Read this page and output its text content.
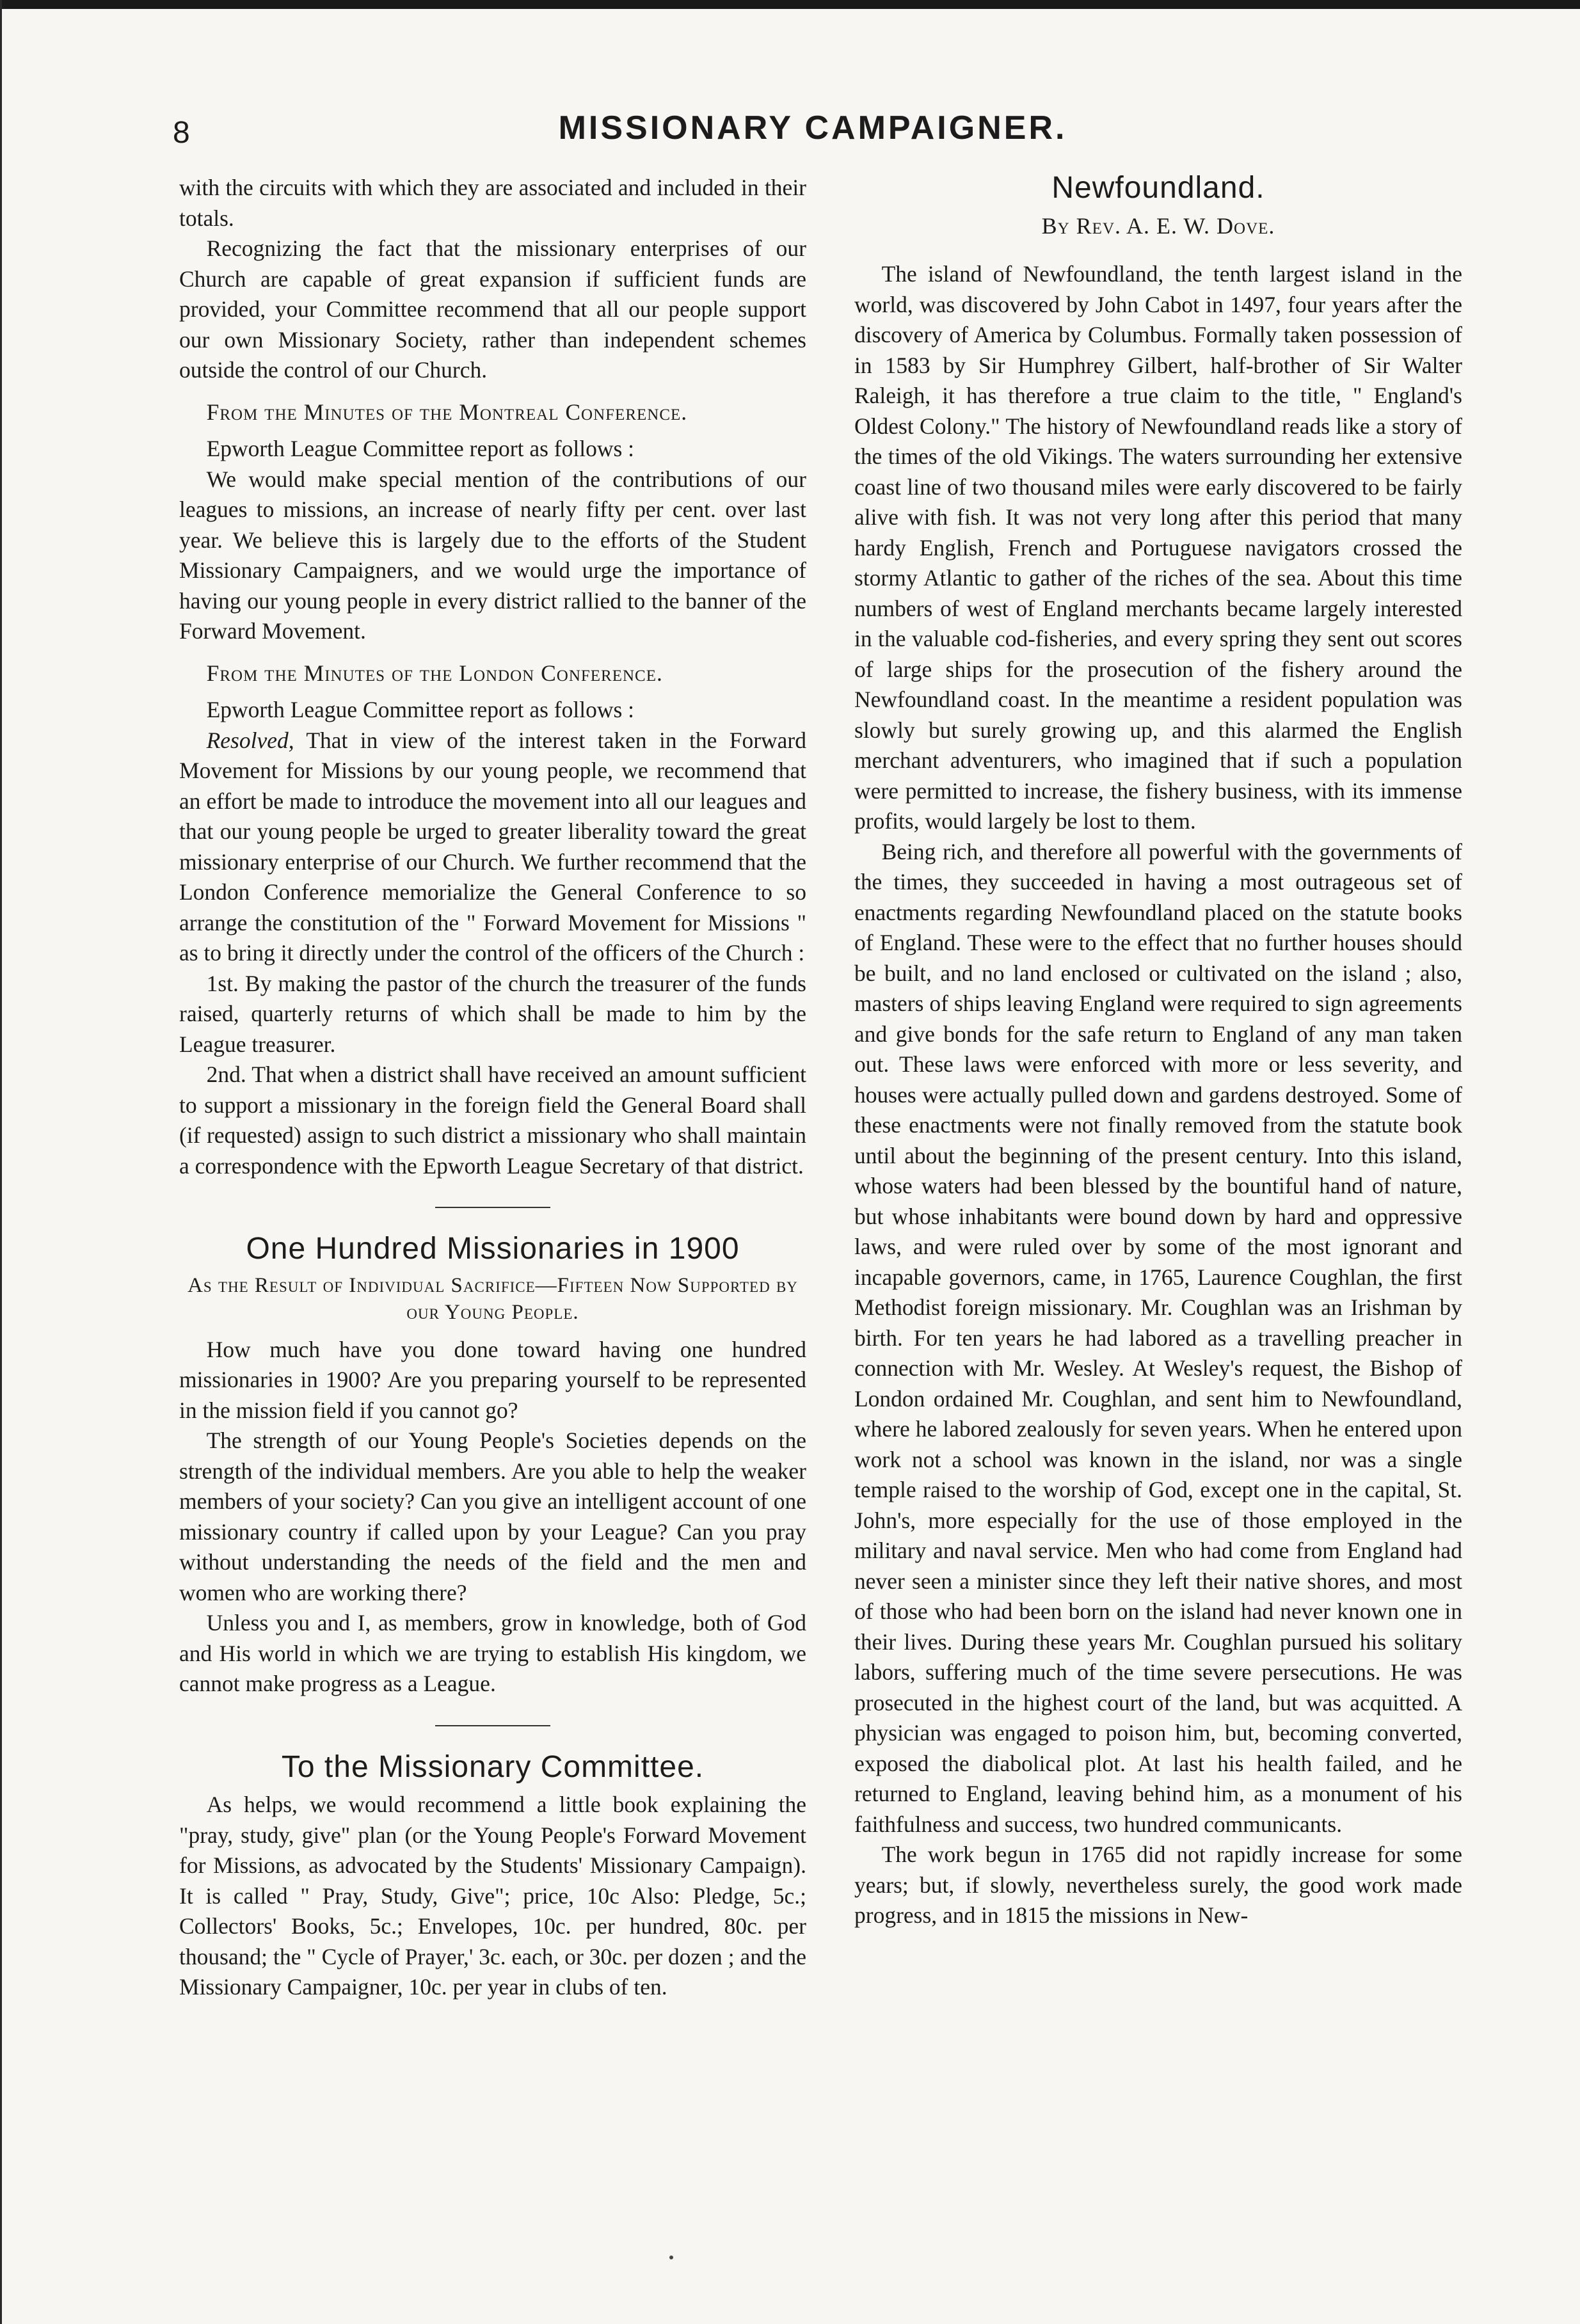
8	MISSIONARY CAMPAIGNER.

with the circuits with which they are associated and included in their totals.

Recognizing the fact that the missionary enterprises of our Church are capable of great expansion if sufficient funds are provided, your Committee recommend that all our people support our own Missionary Society, rather than independent schemes outside the control of our Church.

From the Minutes of the Montreal Conference.

Epworth League Committee report as follows :

We would make special mention of the contributions of our leagues to missions, an increase of nearly fifty per cent. over last year. We believe this is largely due to the efforts of the Student Missionary Campaigners, and we would urge the importance of having our young people in every district rallied to the banner of the Forward Movement.

From the Minutes of the London Conference.

Epworth League Committee report as follows :

Resolved, That in view of the interest taken in the Forward Movement for Missions by our young people, we recommend that an effort be made to introduce the movement into all our leagues and that our young people be urged to greater liberality toward the great missionary enterprise of our Church. We further recommend that the London Conference memorialize the General Conference to so arrange the constitution of the " Forward Movement for Missions " as to bring it directly under the control of the officers of the Church :

1st. By making the pastor of the church the treasurer of the funds raised, quarterly returns of which shall be made to him by the League treasurer.

2nd. That when a district shall have received an amount sufficient to support a missionary in the foreign field the General Board shall (if requested) assign to such district a missionary who shall maintain a correspondence with the Epworth League Secretary of that district.

One Hundred Missionaries in 1900
As the Result of Individual Sacrifice—Fifteen Now Supported by our Young People.

How much have you done toward having one hundred missionaries in 1900? Are you preparing yourself to be represented in the mission field if you cannot go?

The strength of our Young People's Societies depends on the strength of the individual members. Are you able to help the weaker members of your society? Can you give an intelligent account of one missionary country if called upon by your League? Can you pray without understanding the needs of the field and the men and women who are working there?

Unless you and I, as members, grow in knowledge, both of God and His world in which we are trying to establish His kingdom, we cannot make progress as a League.

To the Missionary Committee.

As helps, we would recommend a little book explaining the "pray, study, give" plan (or the Young People's Forward Movement for Missions, as advocated by the Students' Missionary Campaign). It is called " Pray, Study, Give"; price, 10c Also: Pledge, 5c.; Collectors' Books, 5c.; Envelopes, 10c. per hundred, 80c. per thousand; the " Cycle of Prayer,' 3c. each, or 30c. per dozen ; and the Missionary Campaigner, 10c. per year in clubs of ten.

Newfoundland.
By Rev. A. E. W. Dove.

The island of Newfoundland, the tenth largest island in the world, was discovered by John Cabot in 1497, four years after the discovery of America by Columbus. Formally taken possession of in 1583 by Sir Humphrey Gilbert, half-brother of Sir Walter Raleigh, it has therefore a true claim to the title, " England's Oldest Colony." The history of Newfoundland reads like a story of the times of the old Vikings. The waters surrounding her extensive coast line of two thousand miles were early discovered to be fairly alive with fish. It was not very long after this period that many hardy English, French and Portuguese navigators crossed the stormy Atlantic to gather of the riches of the sea. About this time numbers of west of England merchants became largely interested in the valuable cod-fisheries, and every spring they sent out scores of large ships for the prosecution of the fishery around the Newfoundland coast. In the meantime a resident population was slowly but surely growing up, and this alarmed the English merchant adventurers, who imagined that if such a population were permitted to increase, the fishery business, with its immense profits, would largely be lost to them.

Being rich, and therefore all powerful with the governments of the times, they succeeded in having a most outrageous set of enactments regarding Newfoundland placed on the statute books of England. These were to the effect that no further houses should be built, and no land enclosed or cultivated on the island ; also, masters of ships leaving England were required to sign agreements and give bonds for the safe return to England of any man taken out. These laws were enforced with more or less severity, and houses were actually pulled down and gardens destroyed. Some of these enactments were not finally removed from the statute book until about the beginning of the present century. Into this island, whose waters had been blessed by the bountiful hand of nature, but whose inhabitants were bound down by hard and oppressive laws, and were ruled over by some of the most ignorant and incapable governors, came, in 1765, Laurence Coughlan, the first Methodist foreign missionary. Mr. Coughlan was an Irishman by birth. For ten years he had labored as a travelling preacher in connection with Mr. Wesley. At Wesley's request, the Bishop of London ordained Mr. Coughlan, and sent him to Newfoundland, where he labored zealously for seven years. When he entered upon work not a school was known in the island, nor was a single temple raised to the worship of God, except one in the capital, St. John's, more especially for the use of those employed in the military and naval service. Men who had come from England had never seen a minister since they left their native shores, and most of those who had been born on the island had never known one in their lives. During these years Mr. Coughlan pursued his solitary labors, suffering much of the time severe persecutions. He was prosecuted in the highest court of the land, but was acquitted. A physician was engaged to poison him, but, becoming converted, exposed the diabolical plot. At last his health failed, and he returned to England, leaving behind him, as a monument of his faithfulness and success, two hundred communicants.

The work begun in 1765 did not rapidly increase for some years; but, if slowly, nevertheless surely, the good work made progress, and in 1815 the missions in New-
